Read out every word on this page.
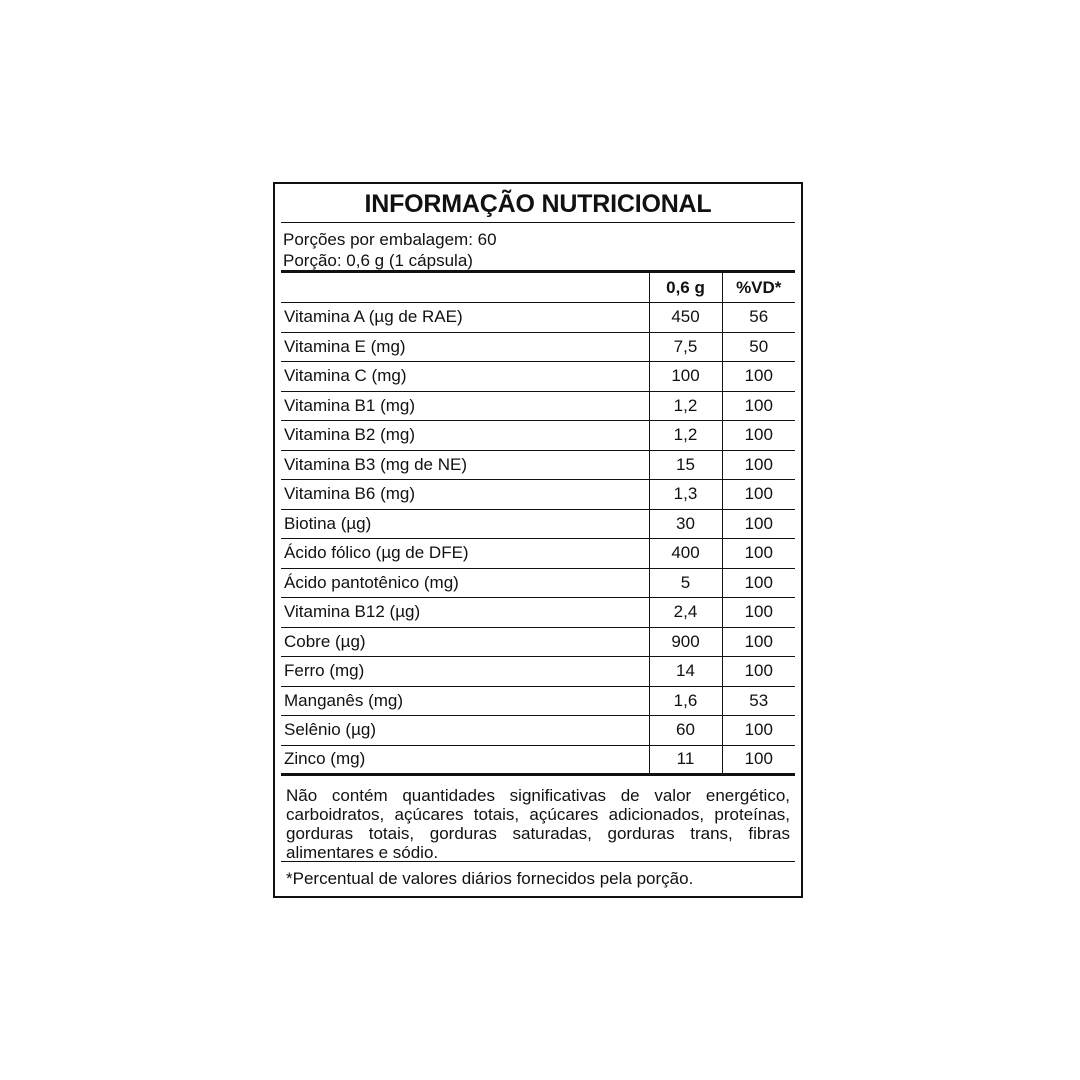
INFORMAÇÃO NUTRICIONAL
Porções por embalagem: 60
Porção: 0,6 g (1 cápsula)
	0,6 g	%VD*
Vitamina A (µg de RAE)	450	56
Vitamina E (mg)	7,5	50
Vitamina C (mg)	100	100
Vitamina B1 (mg)	1,2	100
Vitamina B2 (mg)	1,2	100
Vitamina B3 (mg de NE)	15	100
Vitamina B6 (mg)	1,3	100
Biotina (µg)	30	100
Ácido fólico (µg de DFE)	400	100
Ácido pantotênico (mg)	5	100
Vitamina B12 (µg)	2,4	100
Cobre (µg)	900	100
Ferro (mg)	14	100
Manganês (mg)	1,6	53
Selênio (µg)	60	100
Zinco (mg)	11	100
Não contém quantidades significativas de valor energético, carboidratos, açúcares totais, açúcares adicionados, proteínas, gorduras totais, gorduras saturadas, gorduras trans, fibras alimentares e sódio.
*Percentual de valores diários fornecidos pela porção.
